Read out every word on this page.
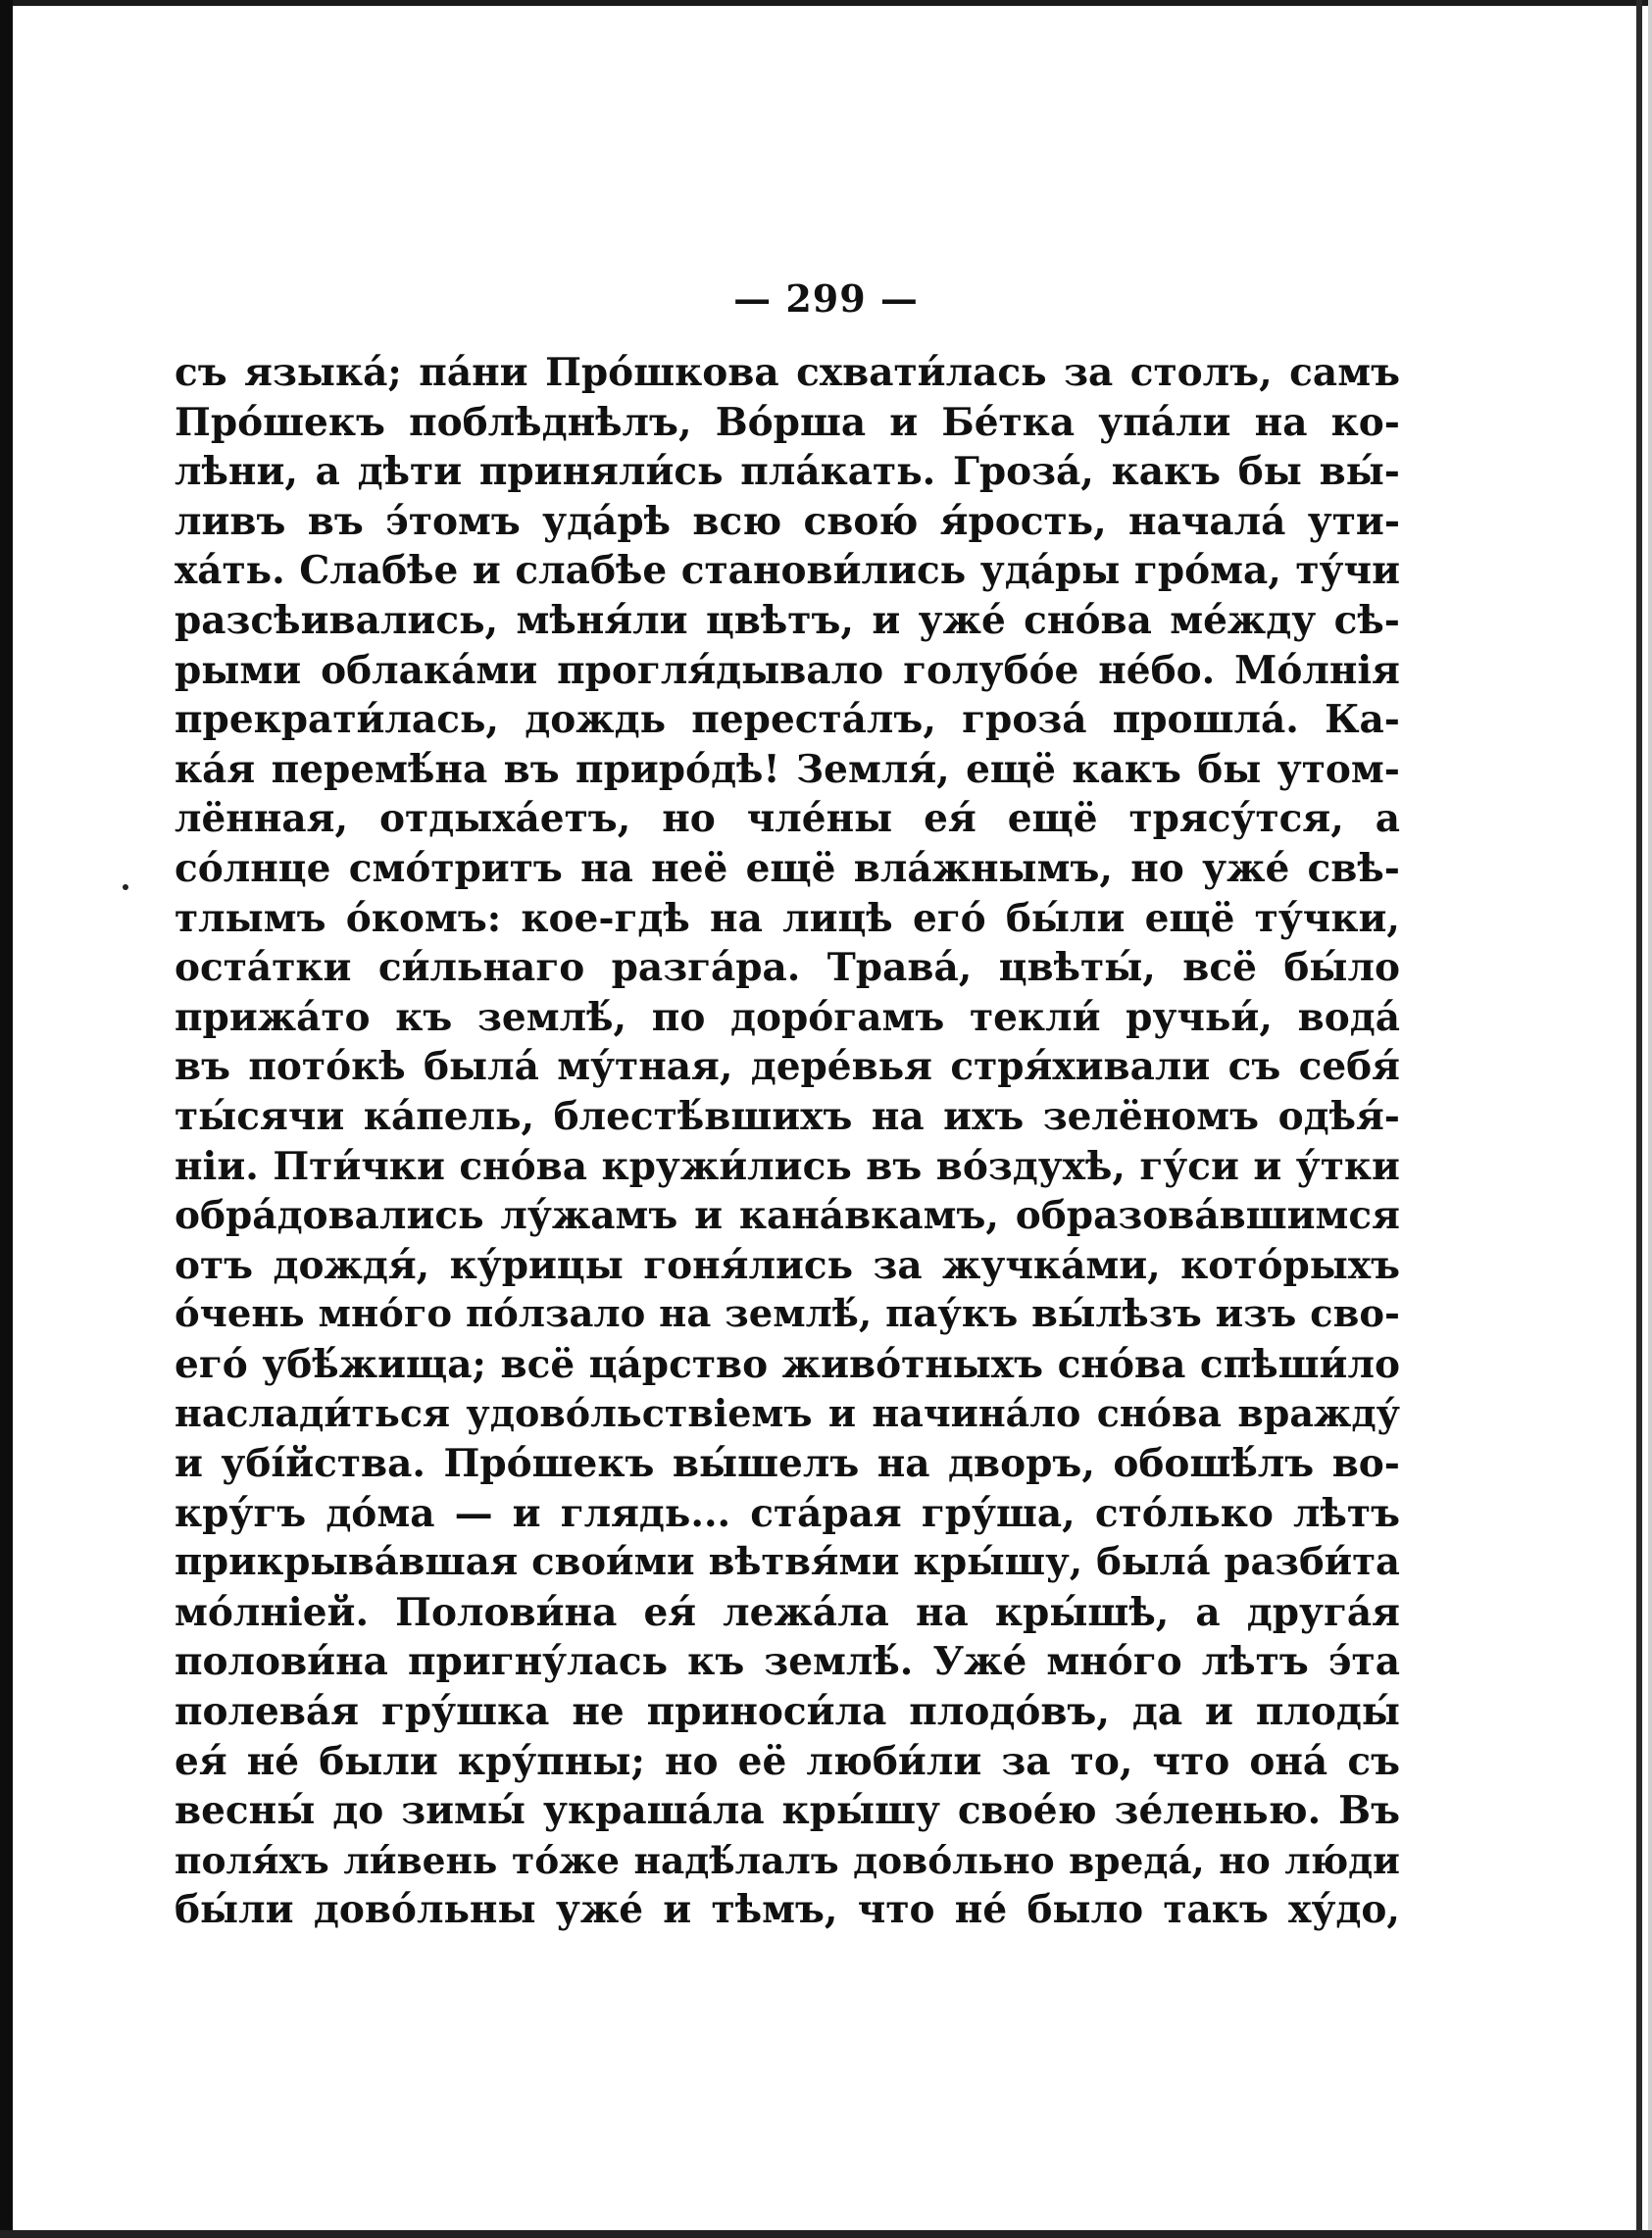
— 299 —
съ языка́; па́ни Про́шкова схвати́лась за столъ, самъ
Про́шекъ поблѣднѣлъ, Во́рша и Бе́тка упа́ли на ко-
лѣни, а дѣти приняли́сь пла́кать. Гроза́, какъ бы вы́-
ливъ въ э́томъ уда́рѣ всю свою́ я́рость, начала́ ути-
ха́ть. Слабѣе и слабѣе станови́лись уда́ры гро́ма, ту́чи
разсѣивались, мѣня́ли цвѣтъ, и уже́ сно́ва ме́жду сѣ-
рыми облака́ми прогля́дывало голубо́е не́бо. Мо́лнія
прекрати́лась, дождь переста́лъ, гроза́ прошла́. Ка-
ка́я перемѣ́на въ приро́дѣ! Земля́, ещё какъ бы утом-
лённая, отдыха́етъ, но чле́ны ея́ ещё трясу́тся, а
со́лнце смо́тритъ на неё ещё вла́жнымъ, но уже́ свѣ-
тлымъ о́комъ: кое-гдѣ на лицѣ его́ бы́ли ещё ту́чки,
оста́тки си́льнаго разга́ра. Трава́, цвѣты́, всё бы́ло
прижа́то къ землѣ́, по доро́гамъ текли́ ручьи́, вода́
въ пото́кѣ была́ му́тная, дере́вья стря́хивали съ себя́
ты́сячи ка́пель, блестѣ́вшихъ на ихъ зелёномъ одѣя́-
ніи. Пти́чки сно́ва кружи́лись въ во́здухѣ, гу́си и у́тки
обра́довались лу́жамъ и кана́вкамъ, образова́вшимся
отъ дождя́, ку́рицы гоня́лись за жучка́ми, кото́рыхъ
о́чень мно́го по́лзало на землѣ́, пау́къ вы́лѣзъ изъ сво-
его́ убѣ́жища; всё ца́рство живо́тныхъ сно́ва спѣши́ло
наслади́ться удово́льствіемъ и начина́ло сно́ва вражду́
и убі́йства. Про́шекъ вы́шелъ на дворъ, обошѣ́лъ во-
кру́гъ до́ма — и глядь... ста́рая гру́ша, сто́лько лѣтъ
прикрыва́вшая свои́ми вѣтвя́ми кры́шу, была́ разби́та
мо́лніей. Полови́на ея́ лежа́ла на кры́шѣ, а друга́я
полови́на пригну́лась къ землѣ́. Уже́ мно́го лѣтъ э́та
полева́я гру́шка не приноси́ла плодо́въ, да и плоды́
ея́ не́ были кру́пны; но её люби́ли за то, что она́ съ
весны́ до зимы́ украша́ла кры́шу свое́ю зе́ленью. Въ
поля́хъ ли́вень то́же надѣ́лалъ дово́льно вреда́, но лю́ди
бы́ли дово́льны уже́ и тѣмъ, что не́ было такъ ху́до,
